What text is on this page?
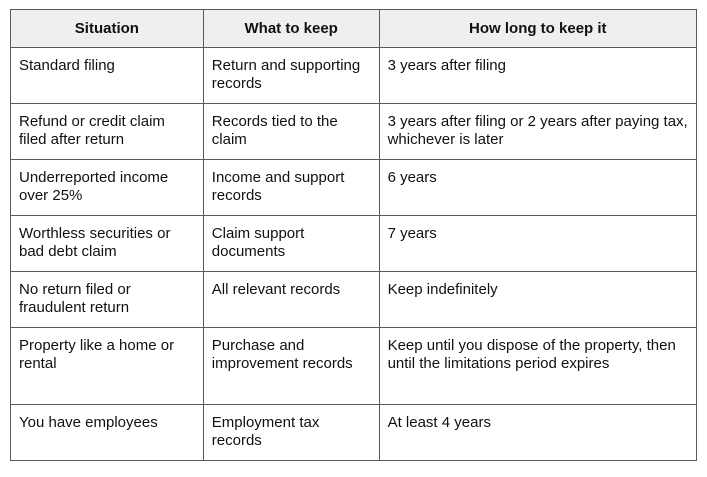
Situation	What to keep	How long to keep it
Standard filing	Return and supporting records	3 years after filing
Refund or credit claim filed after return	Records tied to the claim	3 years after filing or 2 years after paying tax, whichever is later
Underreported income over 25%	Income and support records	6 years
Worthless securities or bad debt claim	Claim support documents	7 years
No return filed or fraudulent return	All relevant records	Keep indefinitely
Property like a home or rental	Purchase and improvement records	Keep until you dispose of the property, then until the limitations period expires
You have employees	Employment tax records	At least 4 years
